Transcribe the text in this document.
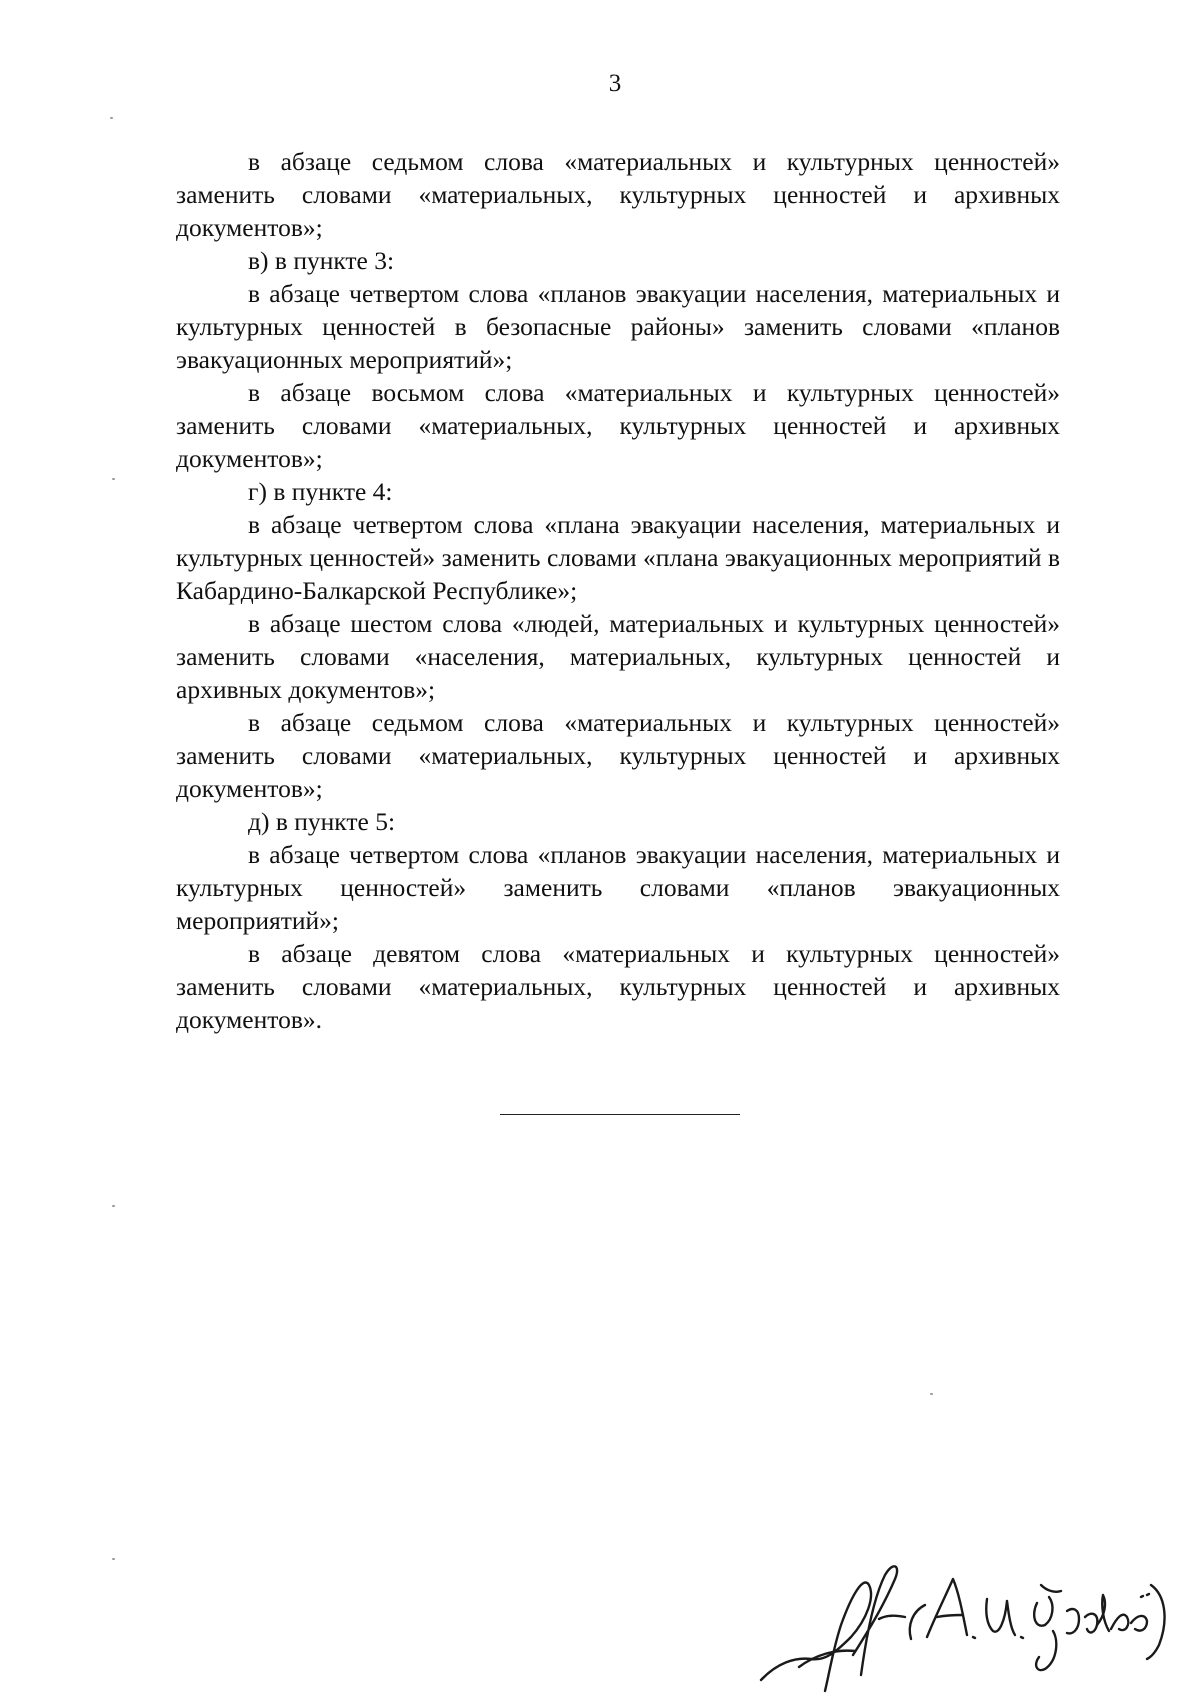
3

в абзаце седьмом слова «материальных и культурных ценностей» заменить словами «материальных, культурных ценностей и архивных документов»;

в) в пункте 3:

в абзаце четвертом слова «планов эвакуации населения, материальных и культурных ценностей в безопасные районы» заменить словами «планов эвакуационных мероприятий»;

в абзаце восьмом слова «материальных и культурных ценностей» заменить словами «материальных, культурных ценностей и архивных документов»;

г) в пункте 4:

в абзаце четвертом слова «плана эвакуации населения, материальных и культурных ценностей» заменить словами «плана эвакуационных мероприятий в Кабардино-Балкарской Республике»;

в абзаце шестом слова «людей, материальных и культурных ценностей» заменить словами «населения, материальных, культурных ценностей и архивных документов»;

в абзаце седьмом слова «материальных и культурных ценностей» заменить словами «материальных, культурных ценностей и архивных документов»;

д) в пункте 5:

в абзаце четвертом слова «планов эвакуации населения, материальных и культурных ценностей» заменить словами «планов эвакуационных мероприятий»;

в абзаце девятом слова «материальных и культурных ценностей» заменить словами «материальных, культурных ценностей и архивных документов».
